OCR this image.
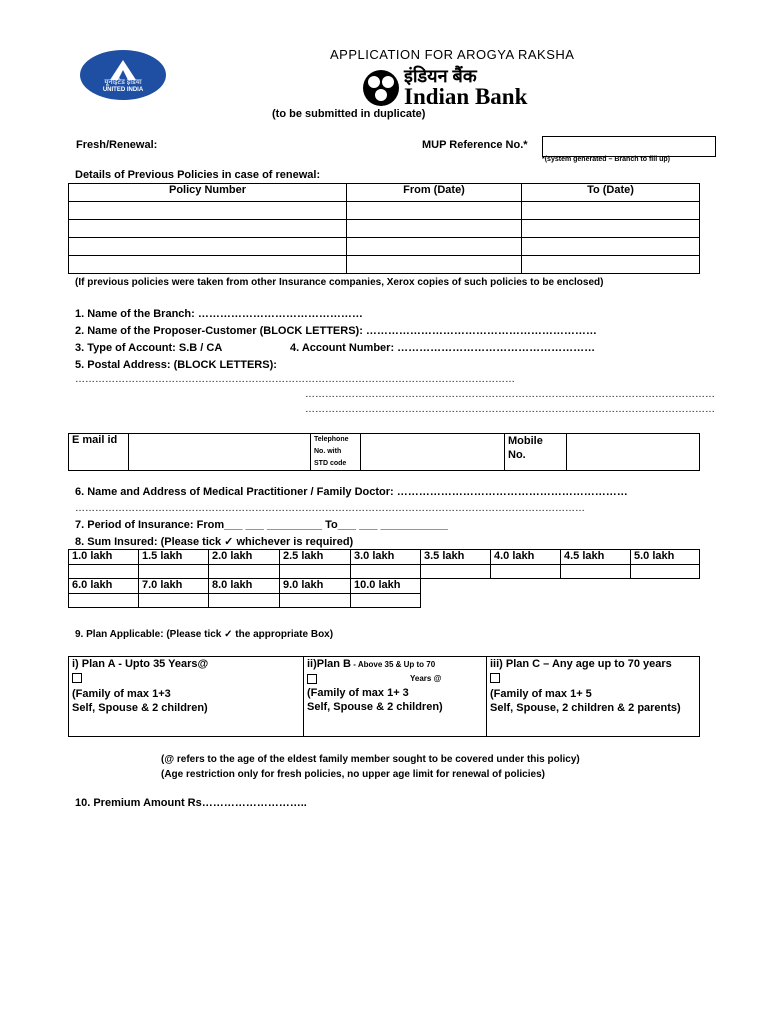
यूनाइटेड इंडिया
UNITED INDIA
APPLICATION FOR AROGYA RAKSHA
इंडियन बैंक
Indian Bank
(to be submitted in duplicate)
Fresh/Renewal:	MUP Reference No.*
*(system generated – Branch to fill up)
Details of Previous Policies in case of renewal:
Policy Number	From (Date)	To (Date)

(If previous policies were taken from other Insurance companies, Xerox copies of such policies to be enclosed)
1. Name of the Branch: ………………………………………
2. Name of the Proposer-Customer (BLOCK LETTERS): ………………………………………………………
3. Type of Account: S.B / CA	4. Account Number: ………………………………………………
5. Postal Address: (BLOCK LETTERS):
……………………………………………………………………………………………………………………
……………………………………………………………………………………………………………
……………………………………………………………………………………………………………
E mail id		Telephone No. with STD code		Mobile No.	
6. Name and Address of Medical Practitioner / Family Doctor: ………………………………………………………
………………………………………………………………………………………………………………………………………
7. Period of Insurance: From___ ___ _________ To___ ___ ___________
8. Sum Insured: (Please tick ✓ whichever is required)
1.0 lakh	1.5 lakh	2.0 lakh	2.5 lakh	3.0 lakh	3.5 lakh	4.0 lakh	4.5 lakh	5.0 lakh

6.0 lakh	7.0 lakh	8.0 lakh	9.0 lakh	10.0 lakh				

9. Plan Applicable: (Please tick ✓ the appropriate Box)
i) Plan A - Upto 35 Years@
(Family of max 1+3
Self, Spouse & 2 children)

ii)Plan B - Above 35 & Up to 70
Years @
(Family of max 1+ 3
Self, Spouse & 2 children)

iii) Plan C – Any age up to 70 years
(Family of max 1+ 5
Self, Spouse, 2 children & 2 parents)
(@ refers to the age of the eldest family member sought to be covered under this policy)
(Age restriction only for fresh policies, no upper age limit for renewal of policies)
10. Premium Amount Rs………………………..
